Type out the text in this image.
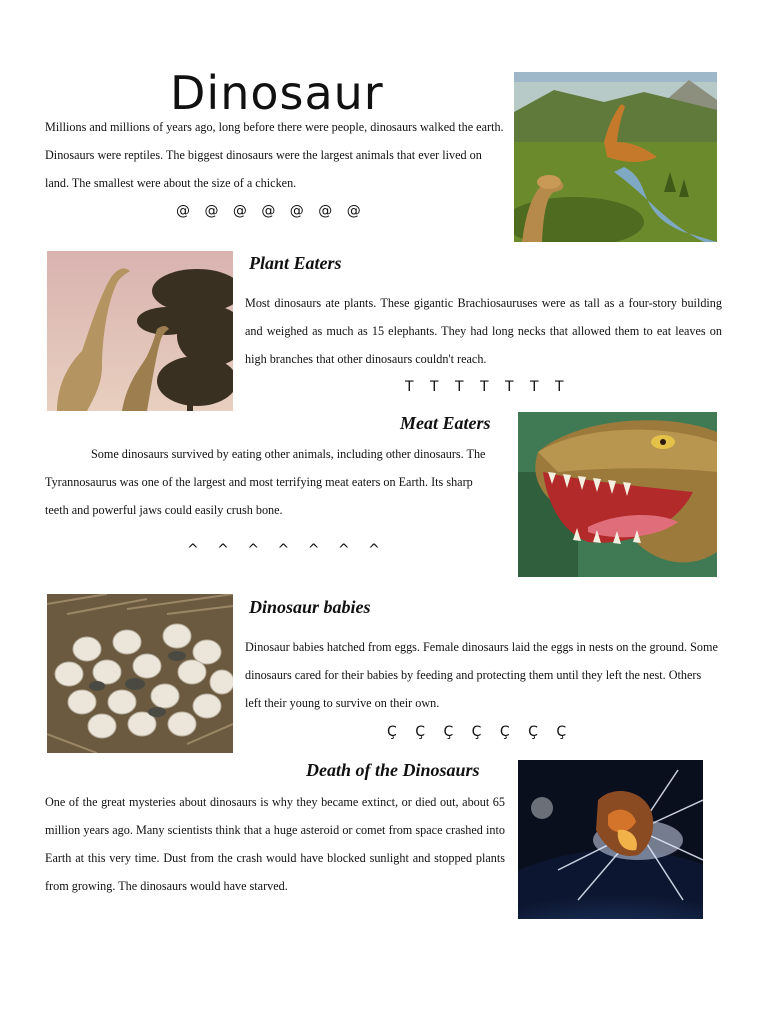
Dinosaur

Millions and millions of years ago, long before there were people, dinosaurs walked the earth. Dinosaurs were reptiles. The biggest dinosaurs were the largest animals that ever lived on land. The smallest were about the size of a chicken.

@ @ @ @ @ @ @

Plant Eaters

Most dinosaurs ate plants. These gigantic Brachiosauruses were as tall as a four-story building and weighed as much as 15 elephants. They had long necks that allowed them to eat leaves on high branches that other dinosaurs couldn't reach.

T T T T T T T

Meat Eaters

Some dinosaurs survived by eating other animals, including other dinosaurs. The Tyrannosaurus was one of the largest and most terrifying meat eaters on Earth. Its sharp teeth and powerful jaws could easily crush bone.

^ ^ ^ ^ ^ ^ ^

Dinosaur babies

Dinosaur babies hatched from eggs. Female dinosaurs laid the eggs in nests on the ground. Some dinosaurs cared for their babies by feeding and protecting them until they left the nest. Others left their young to survive on their own.

Ç Ç Ç Ç Ç Ç Ç

Death of the Dinosaurs

One of the great mysteries about dinosaurs is why they became extinct, or died out, about 65 million years ago. Many scientists think that a huge asteroid or comet from space crashed into Earth at this very time. Dust from the crash would have blocked sunlight and stopped plants from growing. The dinosaurs would have starved.
